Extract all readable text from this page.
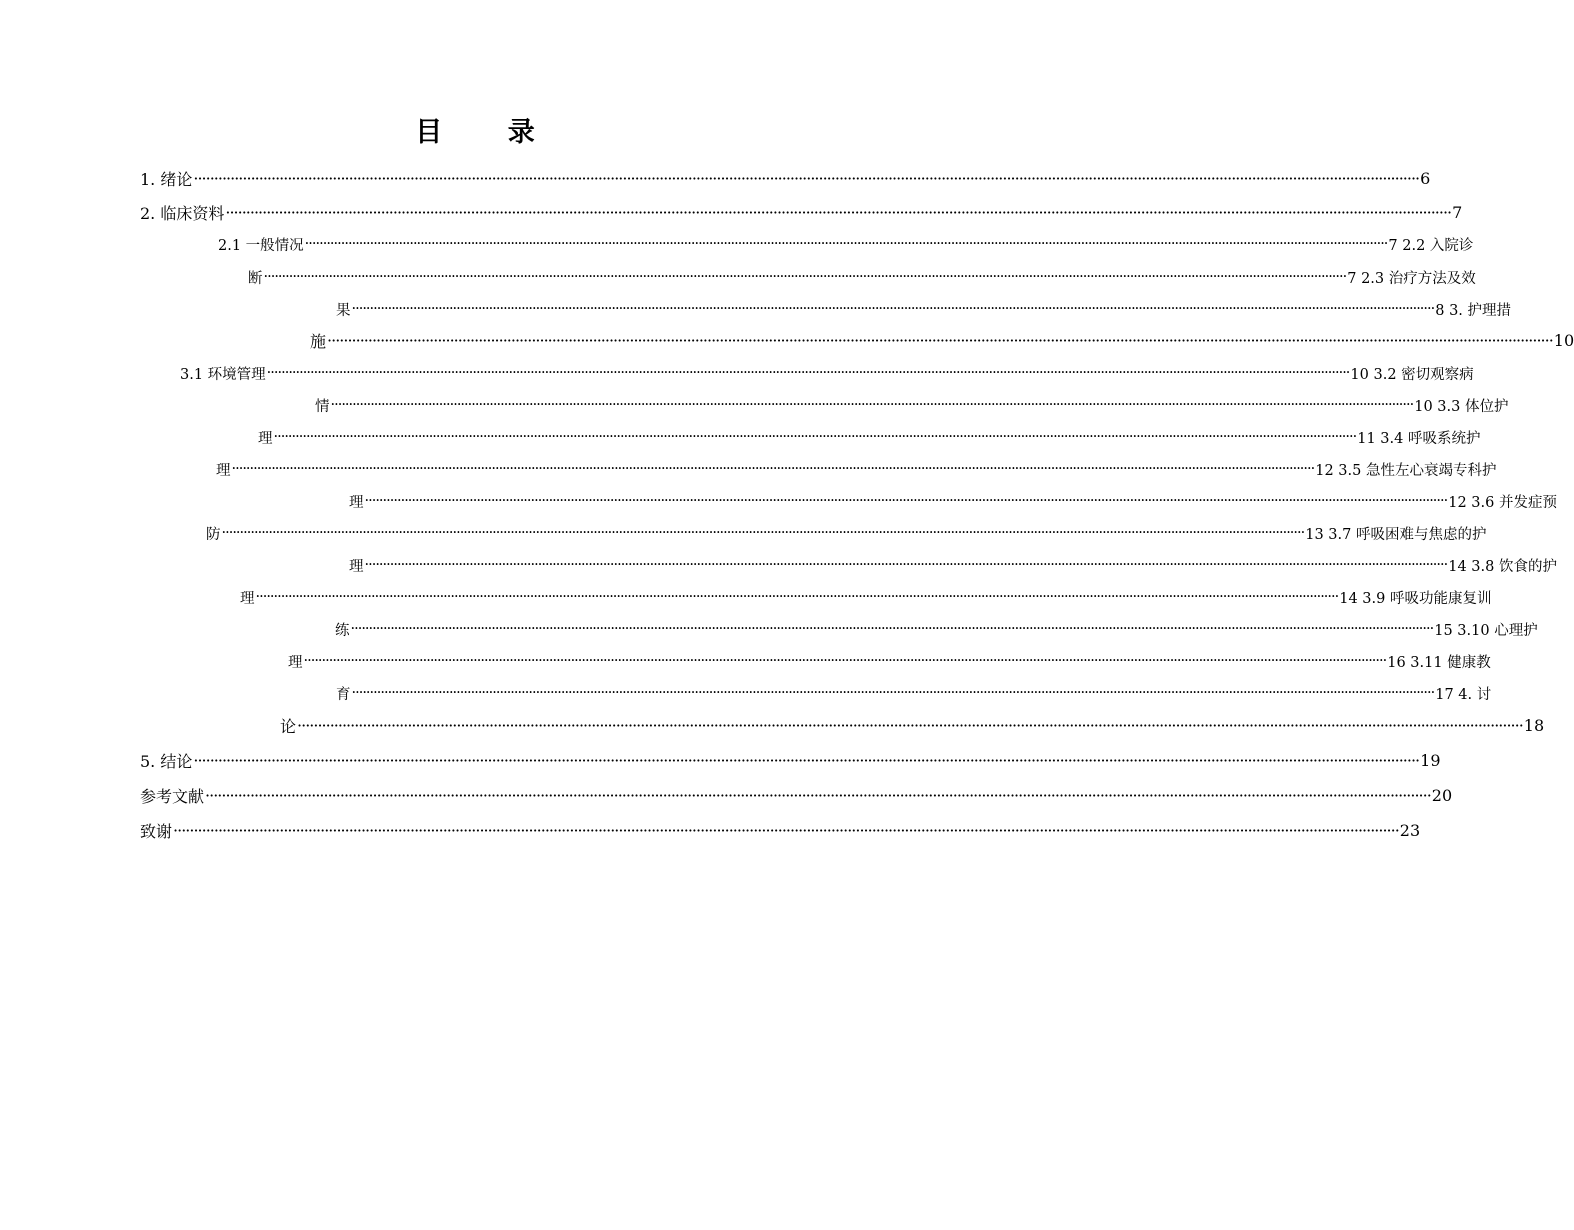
目 录
1. 绪论 ············································································································································································································································································································ 6
2. 临床资料 ············································································································································································································································································································ 7
2.1 一般情况 ············································································································································································································································································································ 7 2.2 入院诊
断 ············································································································································································································································································································ 7 2.3 治疗方法及效
果 ············································································································································································································································································································ 8 3. 护理措
施 ············································································································································································································································································································ 10
3.1 环境管理 ············································································································································································································································································································ 10 3.2 密切观察病
情 ············································································································································································································································································································ 10 3.3 体位护
理 ············································································································································································································································································································ 11 3.4 呼吸系统护
理 ············································································································································································································································································································ 12 3.5 急性左心衰竭专科护
理 ············································································································································································································································································································ 12 3.6 并发症预
防 ············································································································································································································································································································ 13 3.7 呼吸困难与焦虑的护
理 ············································································································································································································································································································ 14 3.8 饮食的护
理 ············································································································································································································································································································ 14 3.9 呼吸功能康复训
练 ············································································································································································································································································································ 15 3.10 心理护
理 ············································································································································································································································································································ 16 3.11 健康教
育 ············································································································································································································································································································ 17 4. 讨
论 ············································································································································································································································································································ 18
5. 结论 ············································································································································································································································································································ 19
参考文献 ············································································································································································································································································································ 20
致谢 ············································································································································································································································································································ 23
